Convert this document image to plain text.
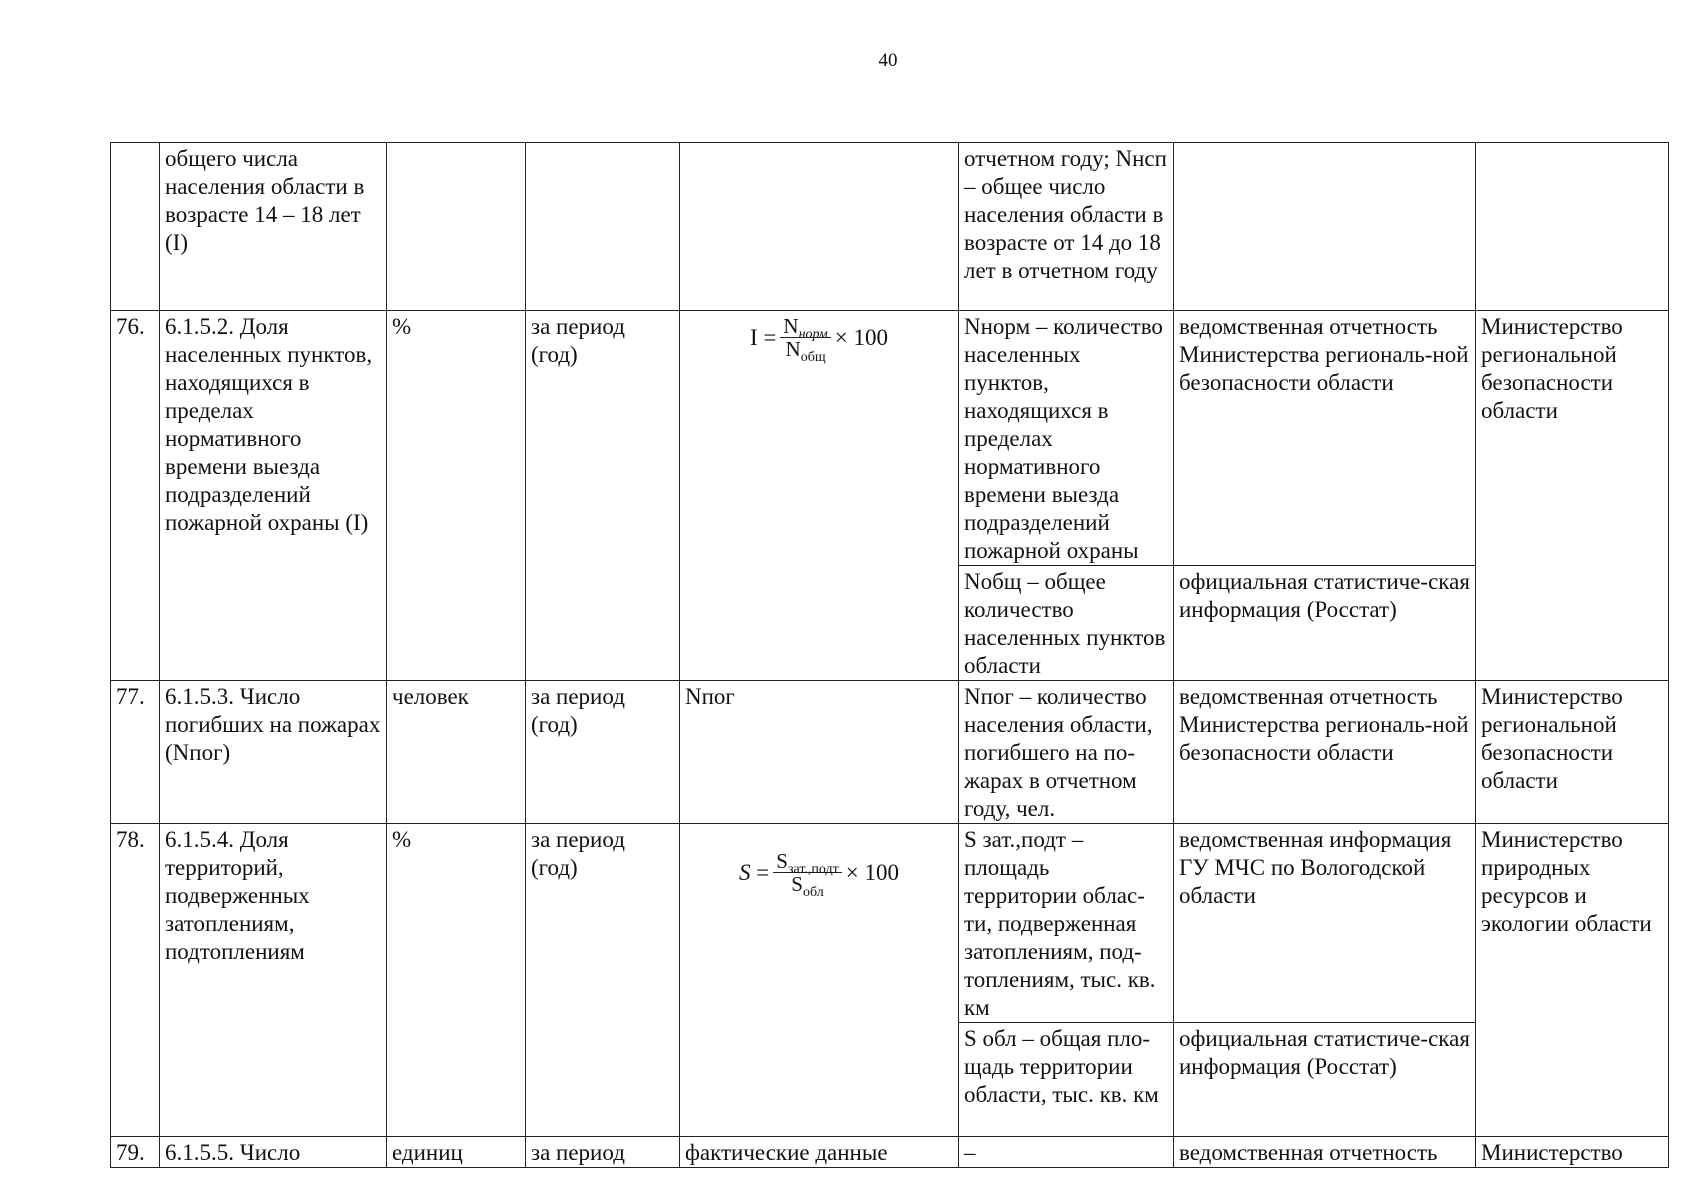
40
	общего числа населения области в возрасте 14 – 18 лет (I)				отчетном году; Nнсп – общее число населения области в возрасте от 14 до 18 лет в отчетном году		
76.	6.1.5.2. Доля населенных пунктов, находящихся в пределах нормативного времени выезда подразделений пожарной охраны (I)	%	за период (год)	$I = \frac{N_{норм}}{N_{общ}} \times 100$	Nнорм – количество населенных пунктов, находящихся в пределах нормативного времени выезда подразделений пожарной охраны	ведомственная отчетность Министерства региональ-ной безопасности области	Министерство региональной безопасности области
					Nобщ – общее количество населенных пунктов области	официальная статистиче-ская информация (Росстат)	
77.	6.1.5.3. Число погибших на пожарах (Nпог)	человек	за период (год)	Nпог	Nпог – количество населения области, погибшего на по-жарах в отчетном году, чел.	ведомственная отчетность Министерства региональ-ной безопасности области	Министерство региональной безопасности области
78.	6.1.5.4. Доля территорий, подверженных затоплениям, подтоплениям	%	за период (год)	$S = \frac{S_{зат.,подт}}{S_{обл}} \times 100$	S зат.,подт – площадь территории облас-ти, подверженная затоплениям, под-топлениям, тыс. кв. км	ведомственная информация ГУ МЧС по Вологодской области	Министерство природных ресурсов и экологии области
					S обл – общая пло-щадь территории области, тыс. кв. км	официальная статистиче-ская информация (Росстат)	
79.	6.1.5.5. Число	единиц	за период	фактические данные	–	ведомственная отчетность	Министерство
